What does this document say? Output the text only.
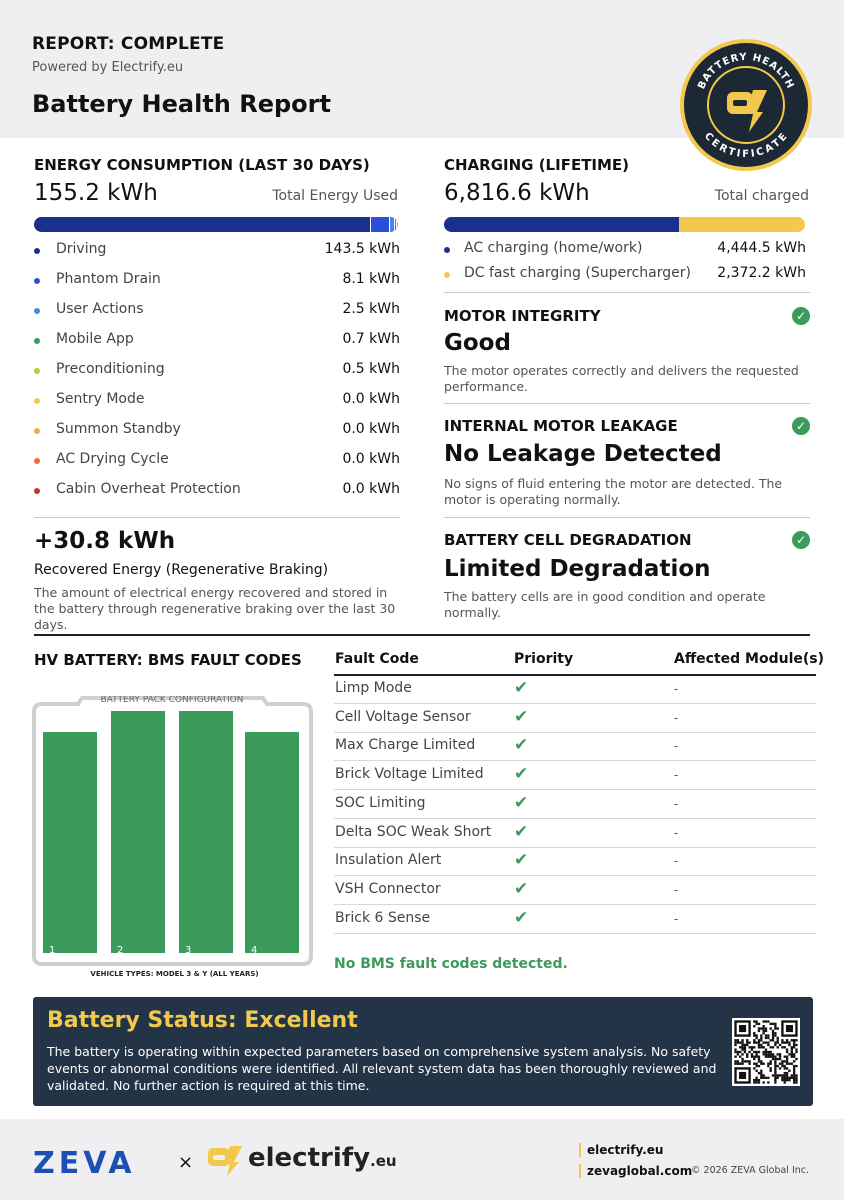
REPORT: COMPLETE
Powered by Electrify.eu
Battery Health Report
BATTERY HEALTH
CERTIFICATE
ENERGY CONSUMPTION (LAST 30 DAYS)
155.2 kWh	Total Energy Used
Driving	143.5 kWh
Phantom Drain	8.1 kWh
User Actions	2.5 kWh
Mobile App	0.7 kWh
Preconditioning	0.5 kWh
Sentry Mode	0.0 kWh
Summon Standby	0.0 kWh
AC Drying Cycle	0.0 kWh
Cabin Overheat Protection	0.0 kWh
+30.8 kWh
Recovered Energy (Regenerative Braking)
The amount of electrical energy recovered and stored in the battery through regenerative braking over the last 30 days.
CHARGING (LIFETIME)
6,816.6 kWh	Total charged
AC charging (home/work)	4,444.5 kWh
DC fast charging (Supercharger) 2,372.2 kWh
MOTOR INTEGRITY	✓
Good
The motor operates correctly and delivers the requested performance.
INTERNAL MOTOR LEAKAGE	✓
No Leakage Detected
No signs of fluid entering the motor are detected. The motor is operating normally.
BATTERY CELL DEGRADATION	✓
Limited Degradation
The battery cells are in good condition and operate normally.
HV BATTERY: BMS FAULT CODES
BATTERY PACK CONFIGURATION
1	2	3	4
VEHICLE TYPES: MODEL 3 & Y (ALL YEARS)
Fault Code	Priority	Affected Module(s)
Limp Mode	✔	-
Cell Voltage Sensor	✔	-
Max Charge Limited ✔	-
Brick Voltage Limited ✔	-
SOC Limiting	✔	-
Delta SOC Weak Short ✔	-
Insulation Alert	✔	-
VSH Connector	✔	-
Brick 6 Sense	✔	-
No BMS fault codes detected.
Battery Status: Excellent
The battery is operating within expected parameters based on comprehensive system analysis. No safety events or abnormal conditions were identified. All relevant system data has been thoroughly reviewed and validated. No further action is required at this time.
ZEVA × electrify.eu
electrify.eu
zevaglobal.com
© 2026 ZEVA Global Inc.
